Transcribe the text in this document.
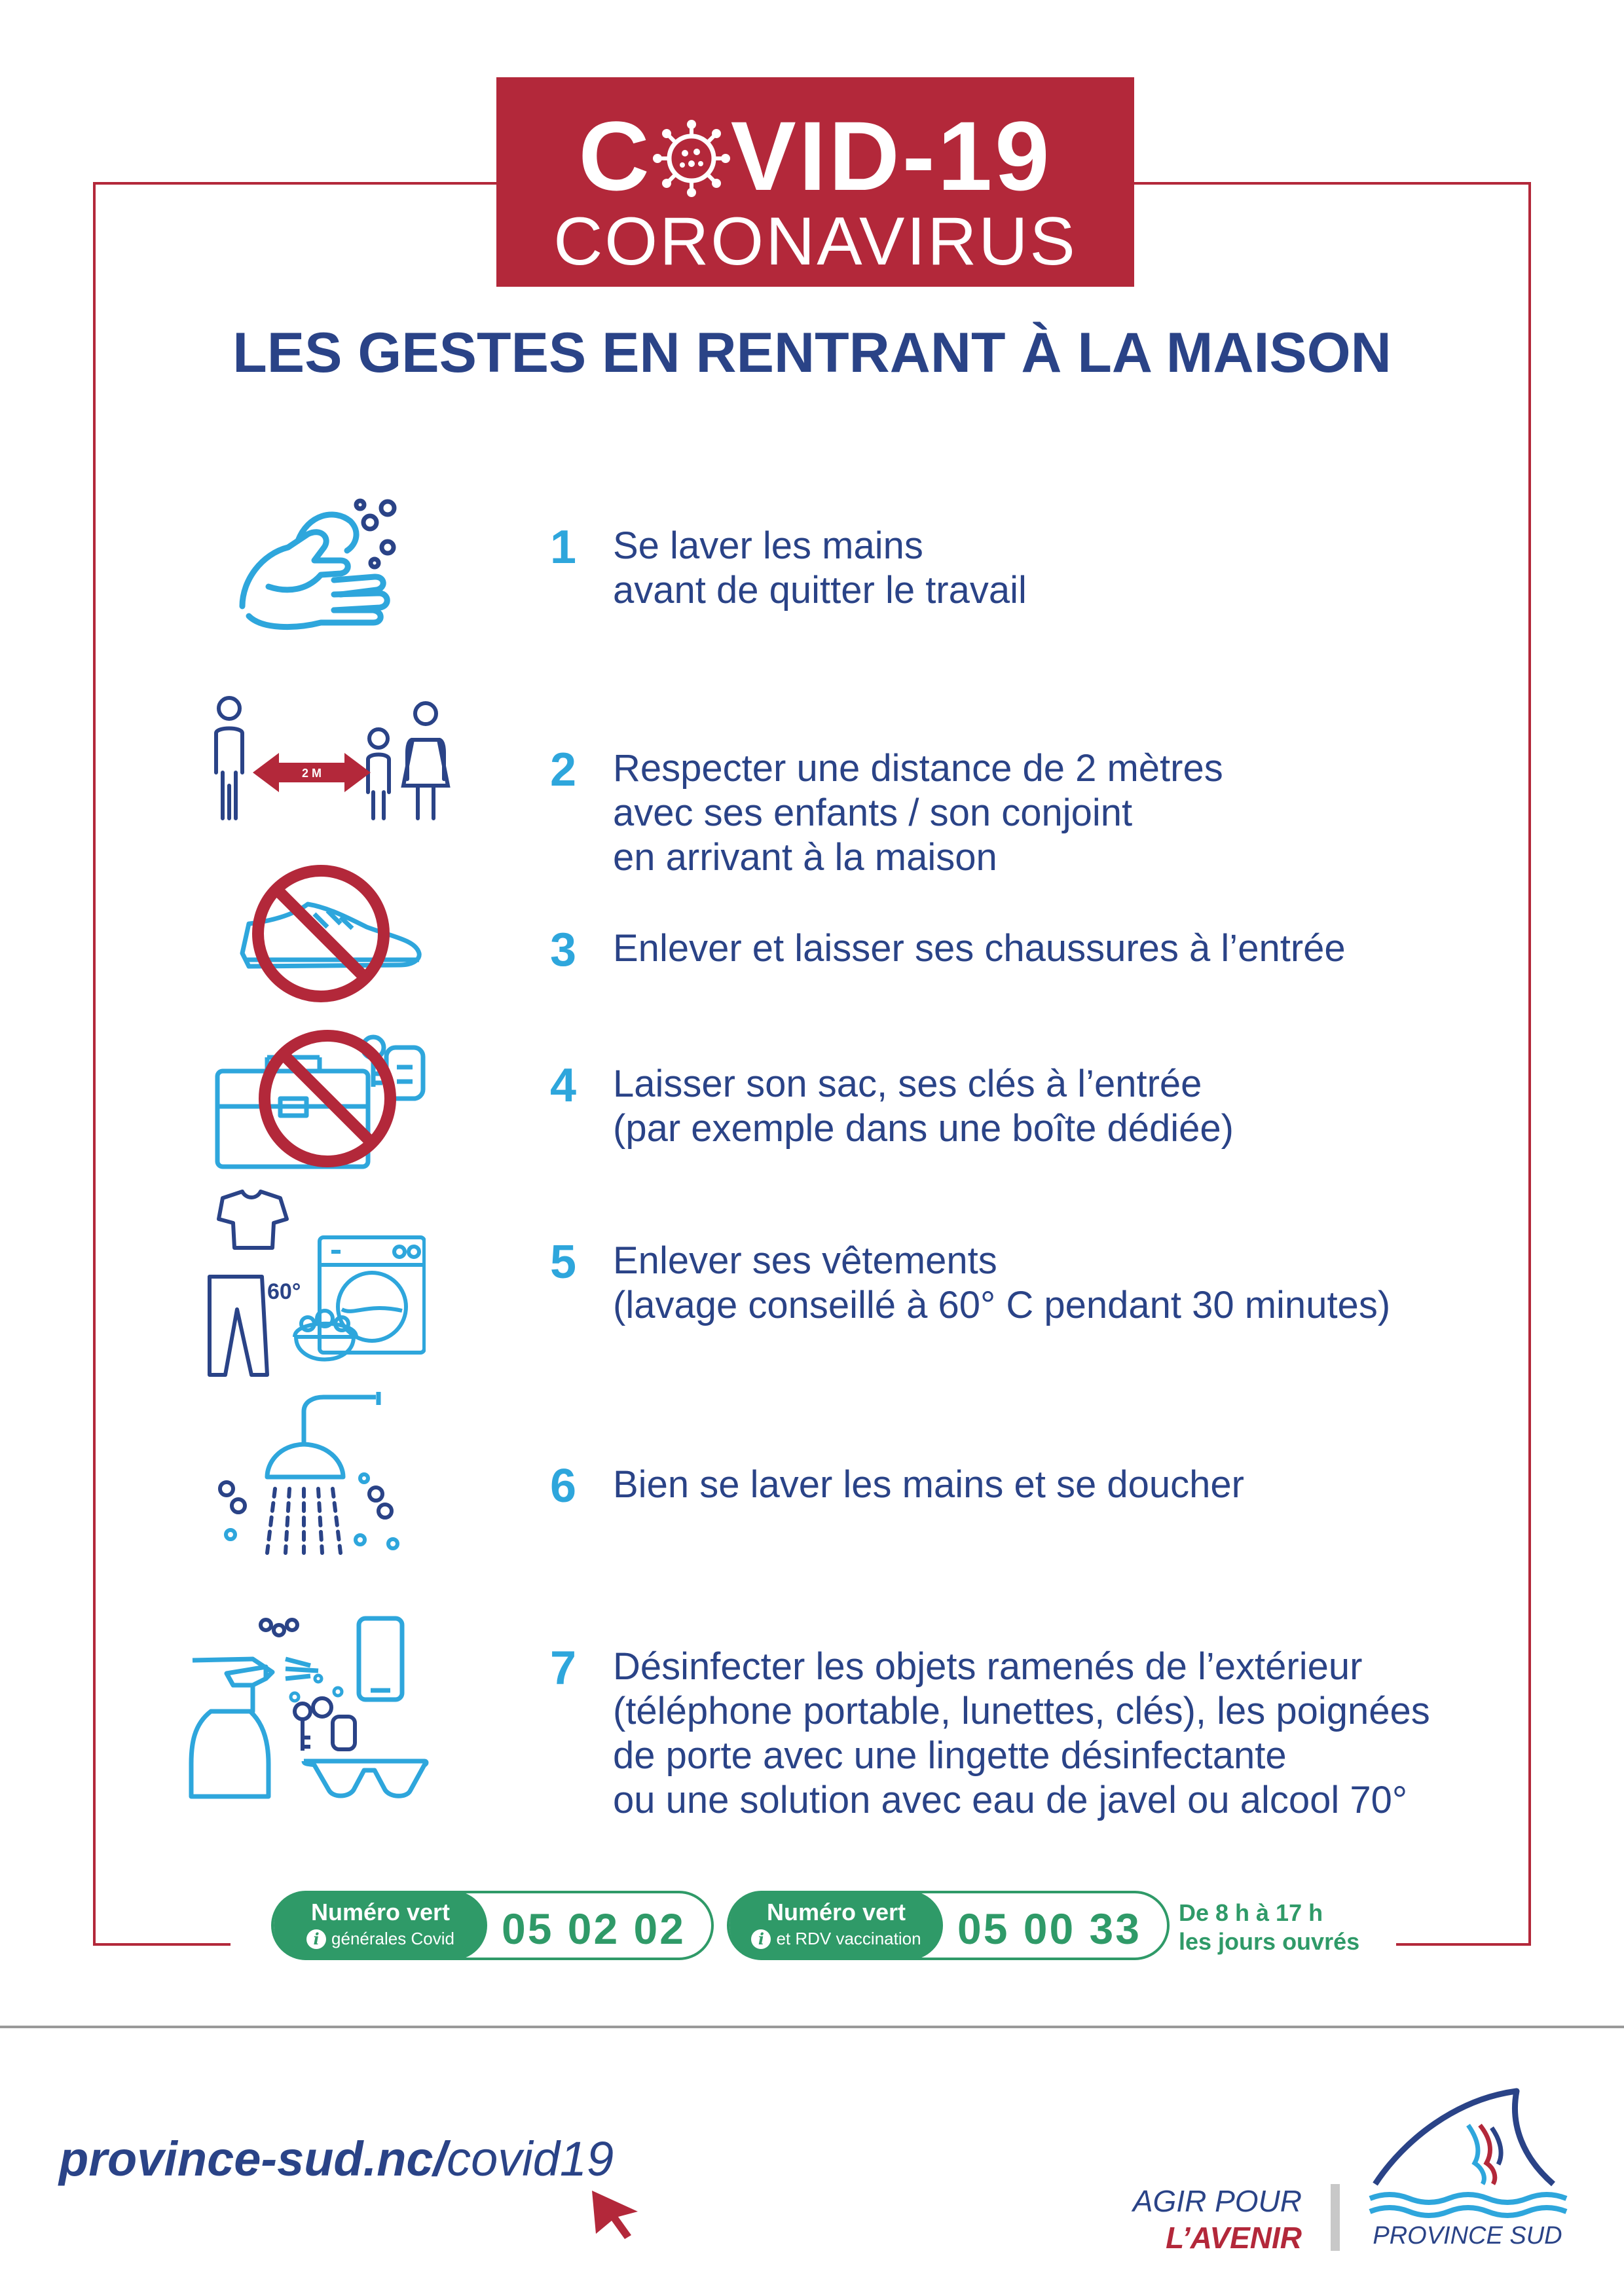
C VID-19
CORONAVIRUS
LES GESTES EN RENTRANT À LA MAISON
2 M
60°
1 Se laver les mains
avant de quitter le travail
2 Respecter une distance de 2 mètres
avec ses enfants / son conjoint
en arrivant à la maison
3 Enlever et laisser ses chaussures à l’entrée
4 Laisser son sac, ses clés à l’entrée
(par exemple dans une boîte dédiée)
5 Enlever ses vêtements
(lavage conseillé à 60° C pendant 30 minutes)
6 Bien se laver les mains et se doucher
7 Désinfecter les objets ramenés de l’extérieur
(téléphone portable, lunettes, clés), les poignées
de porte avec une lingette désinfectante
ou une solution avec eau de javel ou alcool 70°
Numéro vert
i générales Covid	05 02 02	Numéro vert
i et RDV vaccination 05 00 33 De 8 h à 17 h
les jours ouvrés
province-sud.nc/covid19
AGIR POUR
L’AVENIR	PROVINCE SUD
